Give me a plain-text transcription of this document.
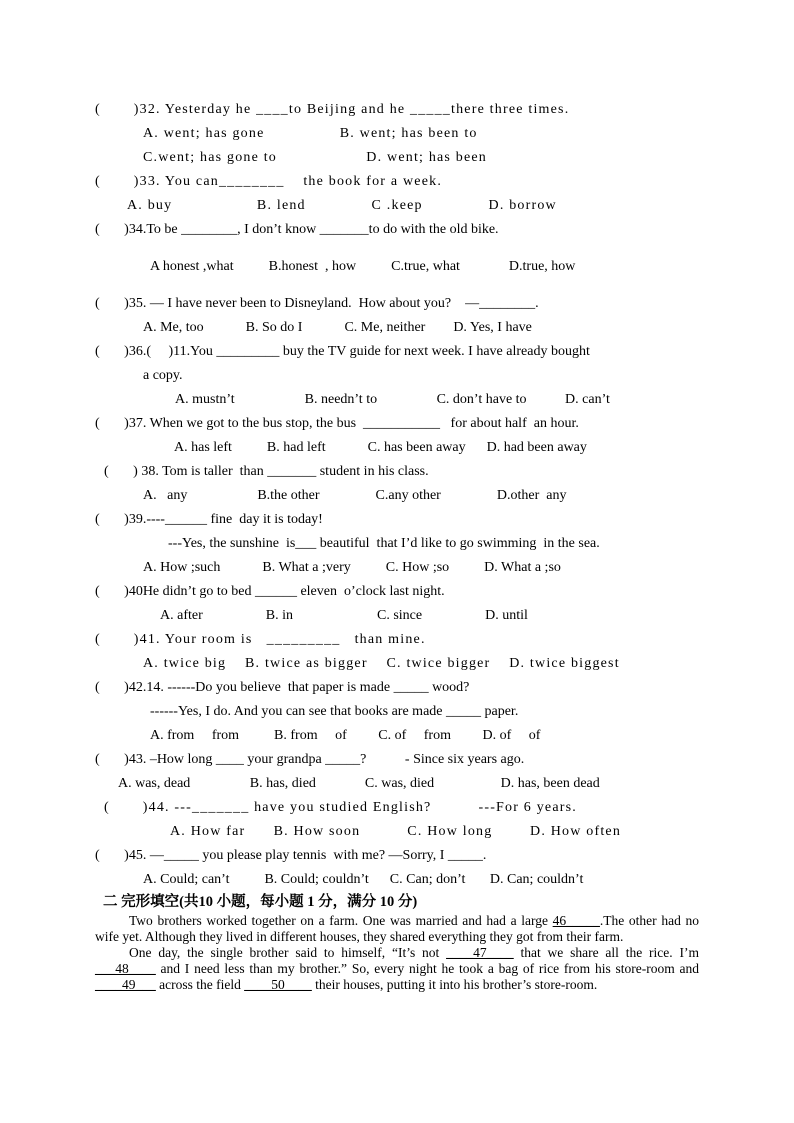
(       )32. Yesterday he ____to Beijing and he _____there three times.
A. went; has gone                B. went; has been to
C.went; has gone to                   D. went; has been
(       )33. You can________    the book for a week.
A. buy                  B. lend              C .keep              D. borrow
(       )34.To be ________, I don’t know _______to do with the old bike.
A honest ,what          B.honest  , how          C.true, what              D.true, how
(       )35. — I have never been to Disneyland.  How about you?    —________.
A. Me, too            B. So do I            C. Me, neither        D. Yes, I have
(       )36.(     )11.You _________ buy the TV guide for next week. I have already bought
a copy.
A. mustn’t                    B. needn’t to                 C. don’t have to           D. can’t
(       )37. When we got to the bus stop, the bus  ___________   for about half  an hour.
A. has left          B. had left            C. has been away      D. had been away
(       ) 38. Tom is taller  than _______ student in his class.
A.   any                    B.the other                C.any other                D.other  any
(       )39.----______ fine  day it is today!
---Yes, the sunshine  is___ beautiful  that I’d like to go swimming  in the sea.
A. How ;such            B. What a ;very          C. How ;so          D. What a ;so
(       )40He didn’t go to bed ______ eleven  o’clock last night.
A. after                  B. in                        C. since                  D. until
(       )41. Your room is   _________   than mine.
A. twice big    B. twice as bigger    C. twice bigger    D. twice biggest
(       )42.14. ------Do you believe  that paper is made _____ wood?
------Yes, I do. And you can see that books are made _____ paper.
A. from     from          B. from     of         C. of     from         D. of     of
(       )43. –How long ____ your grandpa _____?           - Since six years ago.
A. was, dead                 B. has, died              C. was, died                   D. has, been dead
(       )44. ---_______ have you studied English?          ---For 6 years.
A. How far      B. How soon          C. How long        D. How often
(       )45. —_____ you please play tennis  with me? —Sorry, I _____.
A. Could; can’t          B. Could; couldn’t      C. Can; don’t       D. Can; couldn’t
二 完形填空(共10 小题，每小题 1 分，满分 10 分)

Two brothers worked together on a farm. One was married and had a large 46_____.The other had no wife yet. Although they lived in different houses, they shared everything they got from their farm.

One day, the single brother said to himself, “It’s not ____47____ that we share all the rice. I’m ___48____ and I need less than my brother.” So, every night he took a bag of rice from his store-room and ____49___ across the field ____50____ their houses, putting it into his brother’s store-room.
